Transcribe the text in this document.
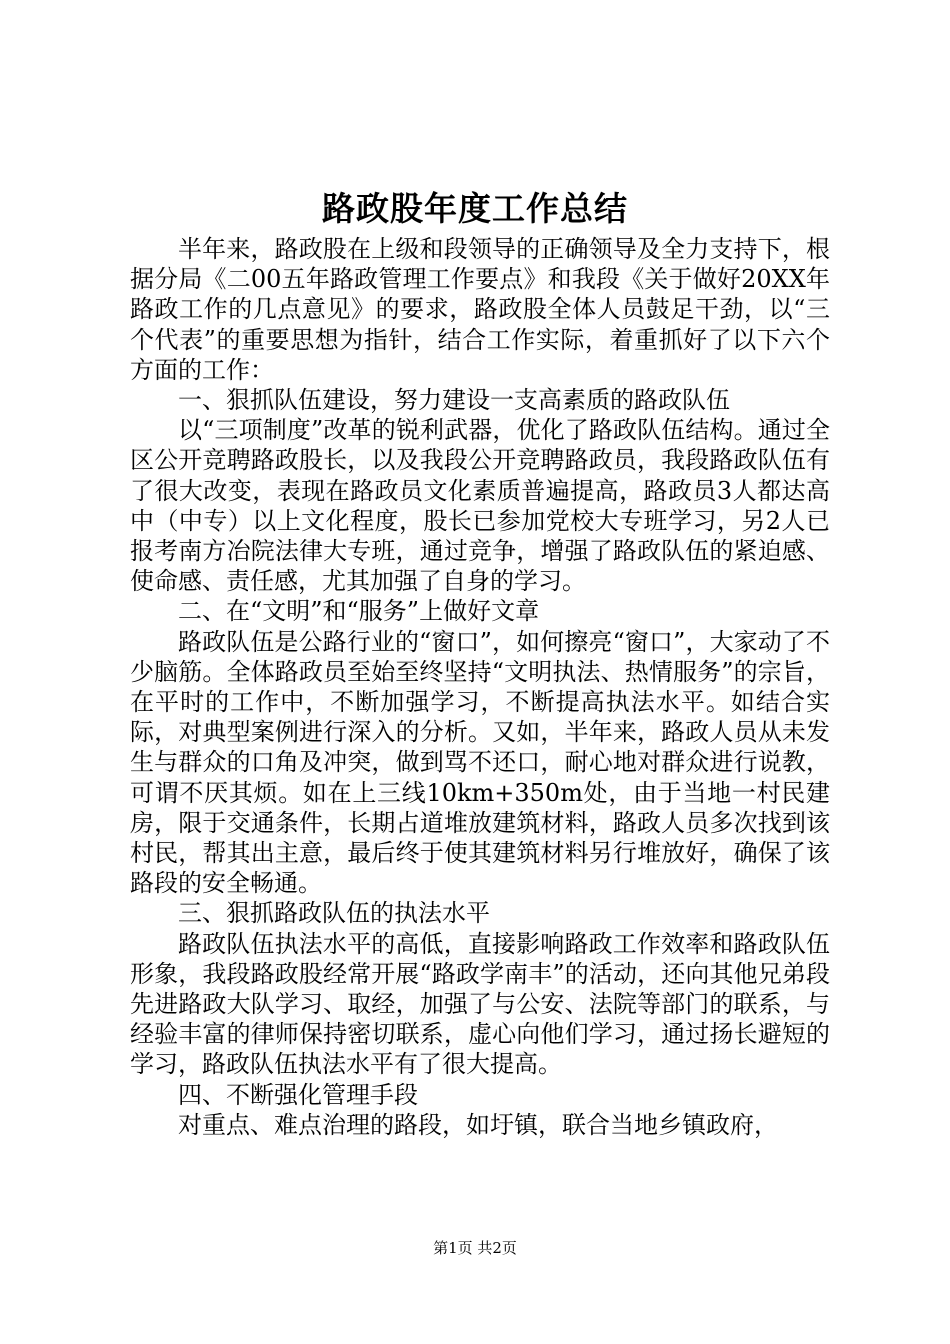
路政股年度工作总结

半年来，路政股在上级和段领导的正确领导及全力支持下，根据分局《二00五年路政管理工作要点》和我段《关于做好20XX年路政工作的几点意见》的要求，路政股全体人员鼓足干劲，以“三个代表”的重要思想为指针，结合工作实际，着重抓好了以下六个方面的工作：

一、狠抓队伍建设，努力建设一支高素质的路政队伍

以“三项制度”改革的锐利武器，优化了路政队伍结构。通过全区公开竞聘路政股长，以及我段公开竞聘路政员，我段路政队伍有了很大改变，表现在路政员文化素质普遍提高，路政员3人都达高中（中专）以上文化程度，股长已参加党校大专班学习，另2人已报考南方冶院法律大专班，通过竞争，增强了路政队伍的紧迫感、使命感、责任感，尤其加强了自身的学习。

二、在“文明”和“服务”上做好文章

路政队伍是公路行业的“窗口”，如何擦亮“窗口”，大家动了不少脑筋。全体路政员至始至终坚持“文明执法、热情服务”的宗旨，在平时的工作中，不断加强学习，不断提高执法水平。如结合实际，对典型案例进行深入的分析。又如，半年来，路政人员从未发生与群众的口角及冲突，做到骂不还口，耐心地对群众进行说教，可谓不厌其烦。如在上三线10km+350m处，由于当地一村民建房，限于交通条件，长期占道堆放建筑材料，路政人员多次找到该村民，帮其出主意，最后终于使其建筑材料另行堆放好，确保了该路段的安全畅通。

三、狠抓路政队伍的执法水平

路政队伍执法水平的高低，直接影响路政工作效率和路政队伍形象，我段路政股经常开展“路政学南丰”的活动，还向其他兄弟段先进路政大队学习、取经，加强了与公安、法院等部门的联系，与经验丰富的律师保持密切联系，虚心向他们学习，通过扬长避短的学习，路政队伍执法水平有了很大提高。

四、不断强化管理手段

对重点、难点治理的路段，如圩镇，联合当地乡镇政府，

第1页 共2页
